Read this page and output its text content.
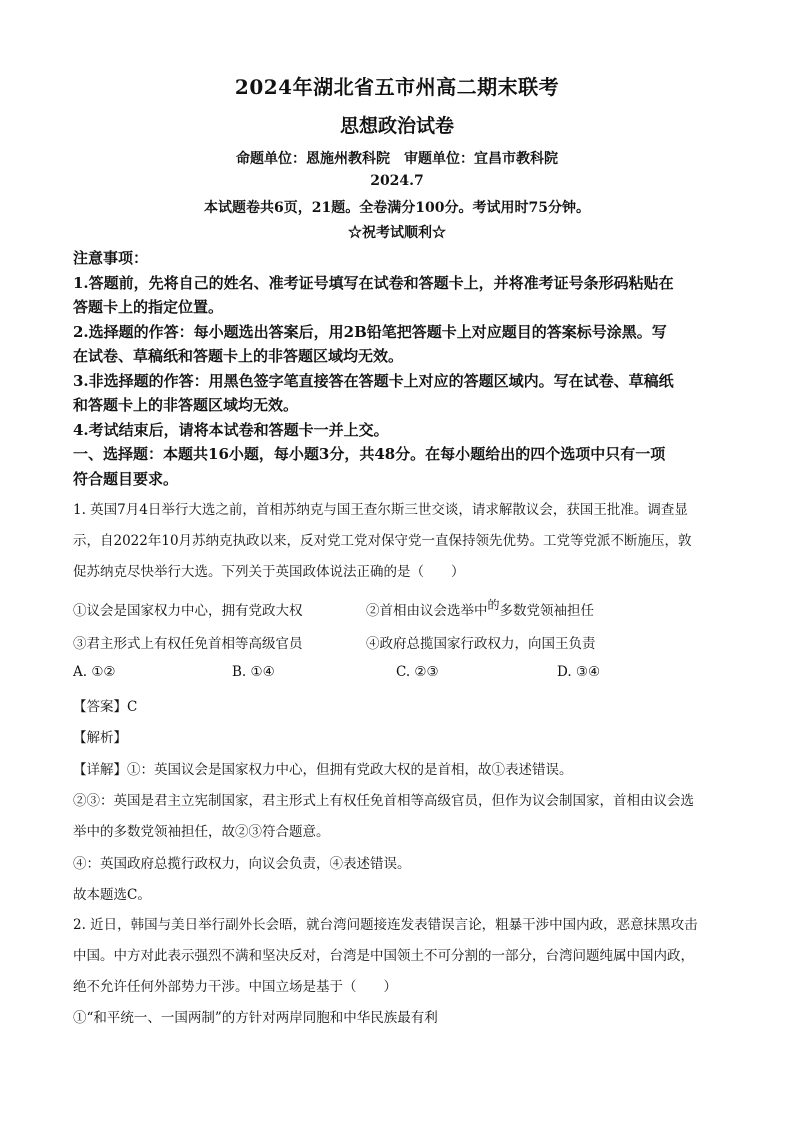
2024年湖北省五市州高二期末联考
思想政治试卷
命题单位：恩施州教科院　审题单位：宜昌市教科院
2024.7
本试题卷共6页，21题。全卷满分100分。考试用时75分钟。
☆祝考试顺利☆
注意事项：
1.答题前，先将自己的姓名、准考证号填写在试卷和答题卡上，并将准考证号条形码粘贴在
答题卡上的指定位置。
2.选择题的作答：每小题选出答案后，用2B铅笔把答题卡上对应题目的答案标号涂黑。写
在试卷、草稿纸和答题卡上的非答题区域均无效。
3.非选择题的作答：用黑色签字笔直接答在答题卡上对应的答题区域内。写在试卷、草稿纸
和答题卡上的非答题区域均无效。
4.考试结束后，请将本试卷和答题卡一并上交。
一、选择题：本题共16小题，每小题3分，共48分。在每小题给出的四个选项中只有一项
符合题目要求。
1. 英国7月4日举行大选之前，首相苏纳克与国王查尔斯三世交谈，请求解散议会，获国王批准。调查显
示，自2022年10月苏纳克执政以来，反对党工党对保守党一直保持领先优势。工党等党派不断施压，敦
促苏纳克尽快举行大选。下列关于英国政体说法正确的是（　　）
①议会是国家权力中心，拥有党政大权	②首相由议会选举中的多数党领袖担任
③君主形式上有权任免首相等高级官员	④政府总揽国家行政权力，向国王负责
A. ①②	B. ①④	C. ②③	D. ③④
【答案】C
【解析】
【详解】①：英国议会是国家权力中心，但拥有党政大权的是首相，故①表述错误。
②③：英国是君主立宪制国家，君主形式上有权任免首相等高级官员，但作为议会制国家，首相由议会选
举中的多数党领袖担任，故②③符合题意。
④：英国政府总揽行政权力，向议会负责，④表述错误。
故本题选C。
2. 近日，韩国与美日举行副外长会晤，就台湾问题接连发表错误言论，粗暴干涉中国内政，恶意抹黑攻击
中国。中方对此表示强烈不满和坚决反对，台湾是中国领土不可分割的一部分，台湾问题纯属中国内政，
绝不允许任何外部势力干涉。中国立场是基于（　　）
①“和平统一、一国两制”的方针对两岸同胞和中华民族最有利
